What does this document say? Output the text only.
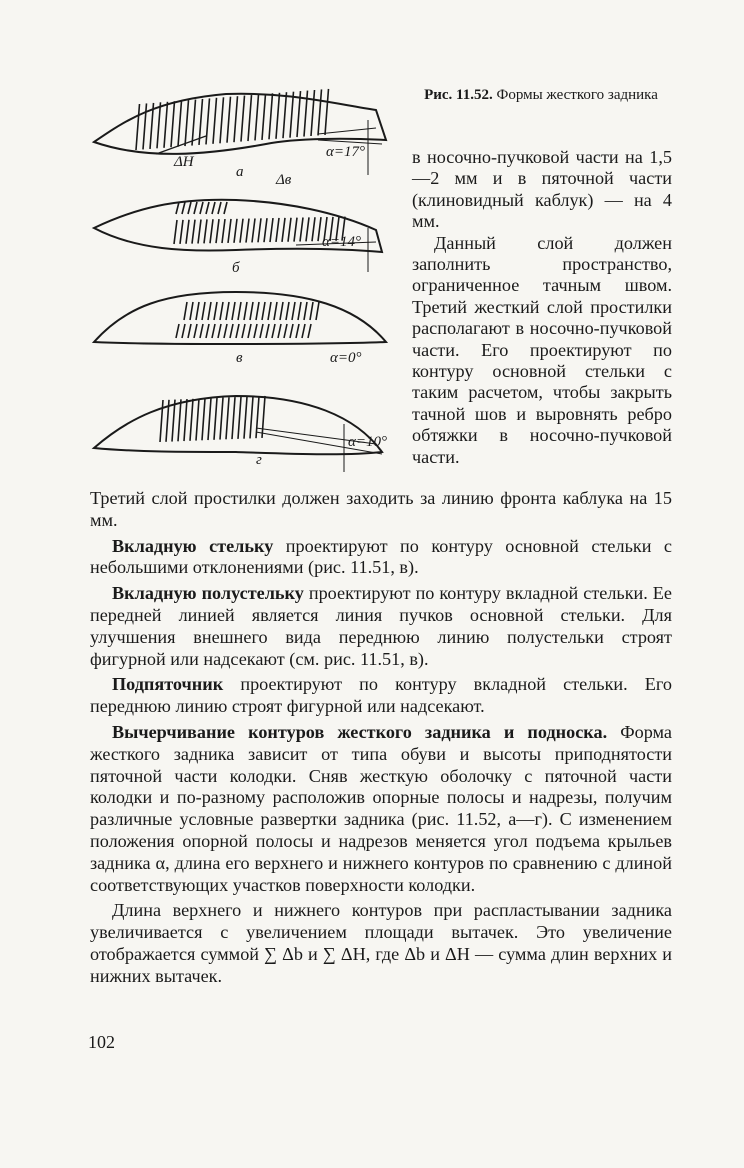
α=17°
ΔН
а Δв
α=14°
б
в	α=0°
α=10°
г
Рис. 11.52. Формы жесткого задника

в носочно-пучковой части на 1,5—2 мм и в пяточной части (клиновидный каблук) — на 4 мм.

Данный слой должен заполнить пространство, ограниченное тачным швом. Третий жесткий слой простилки располагают в носочно-пучковой части. Его проектируют по контуру основной стельки с таким расчетом, чтобы закрыть тачной шов и выровнять ребро обтяжки в носочно-пучковой части.

Третий слой простилки должен заходить за линию фронта каблука на 15 мм.

Вкладную стельку проектируют по контуру основной стельки с небольшими отклонениями (рис. 11.51, в).

Вкладную полустельку проектируют по контуру вкладной стельки. Ее передней линией является линия пучков основной стельки. Для улучшения внешнего вида переднюю линию полустельки строят фигурной или надсекают (см. рис. 11.51, в).

Подпяточник проектируют по контуру вкладной стельки. Его переднюю линию строят фигурной или надсекают.

Вычерчивание контуров жесткого задника и подноска. Форма жесткого задника зависит от типа обуви и высоты приподнятости пяточной части колодки. Сняв жесткую оболочку с пяточной части колодки и по-разному расположив опорные полосы и надрезы, получим различные условные развертки задника (рис. 11.52, а—г). С изменением положения опорной полосы и надрезов меняется угол подъема крыльев задника α, длина его верхнего и нижнего контуров по сравнению с длиной соответствующих участков поверхности колодки.

Длина верхнего и нижнего контуров при распластывании задника увеличивается с увеличением площади вытачек. Это увеличение отображается суммой ∑ Δb и ∑ ΔH, где Δb и ΔH — сумма длин верхних и нижних вытачек.

102
